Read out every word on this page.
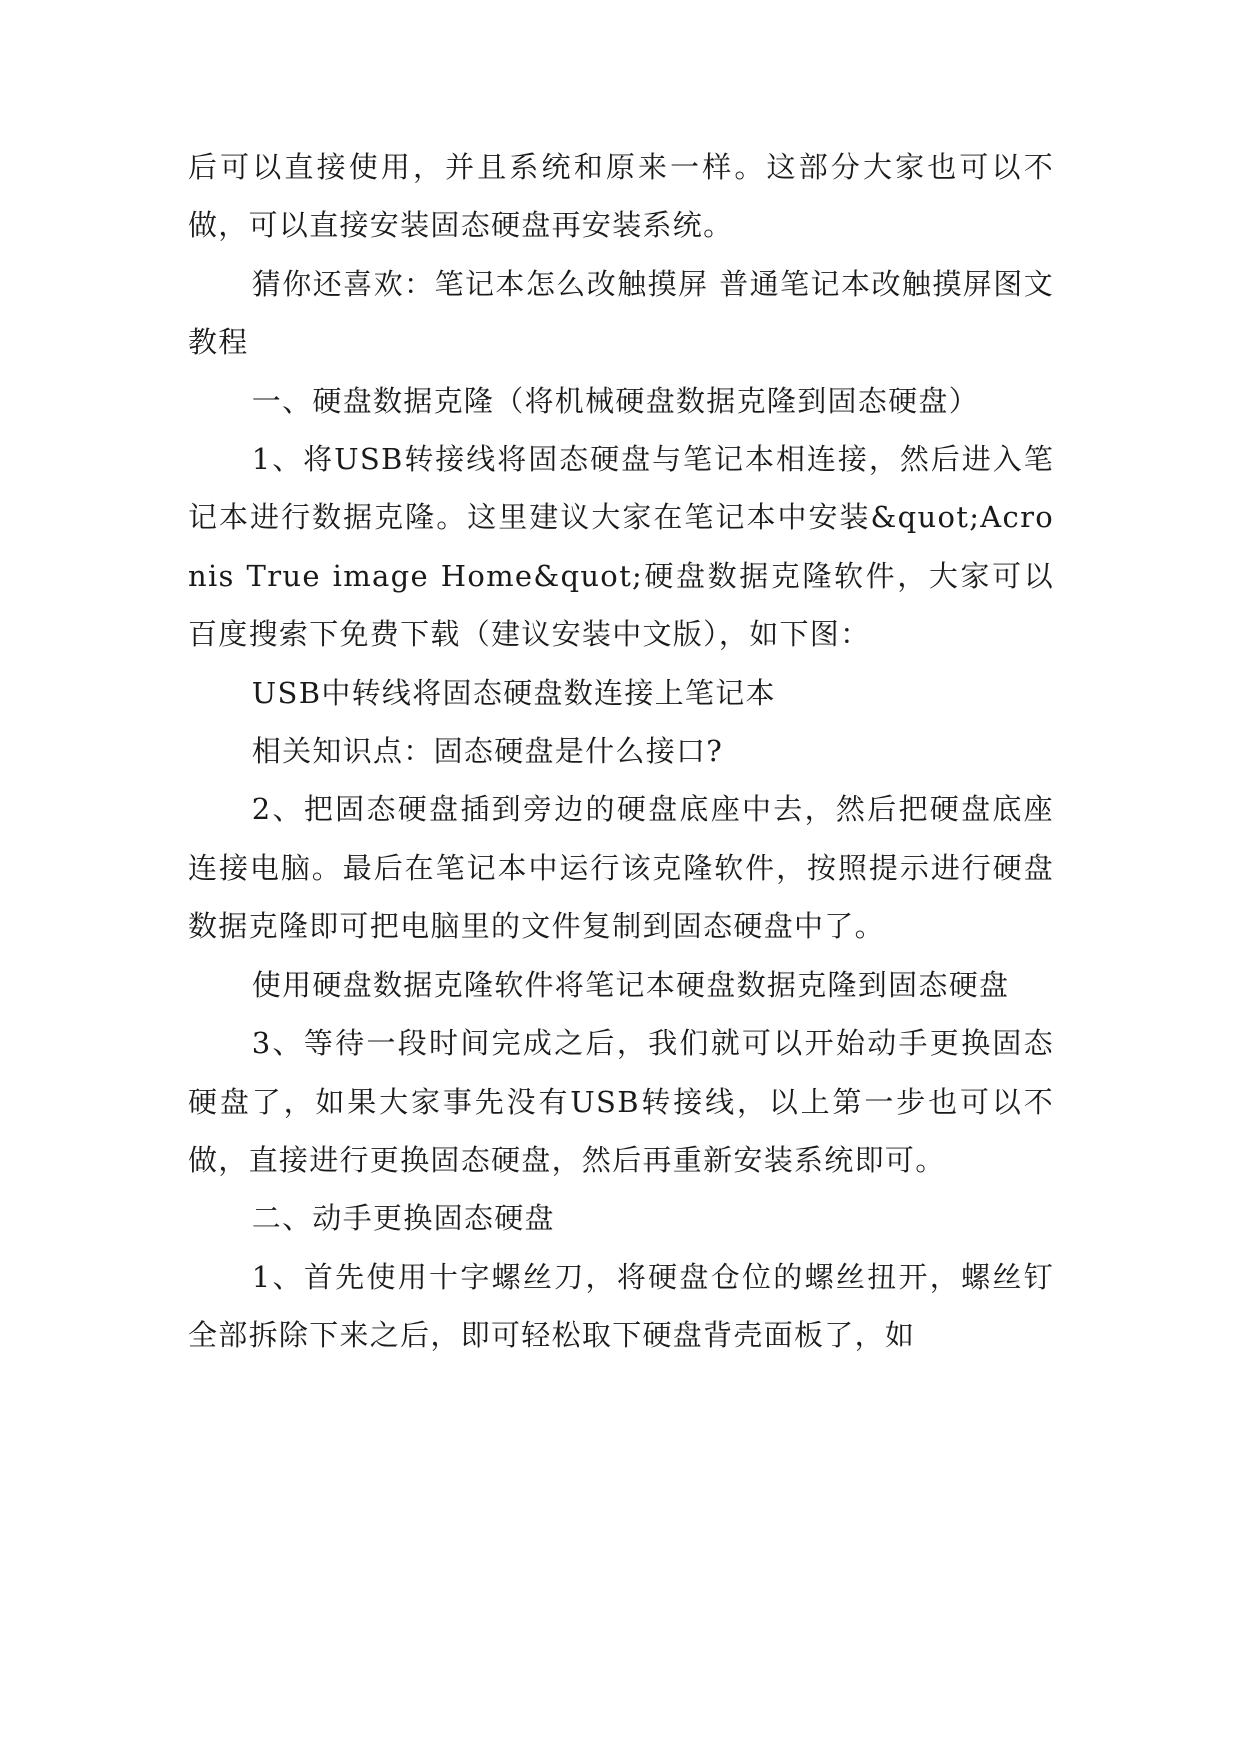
后可以直接使用，并且系统和原来一样。这部分大家也可以不做，可以直接安装固态硬盘再安装系统。

猜你还喜欢：笔记本怎么改触摸屏 普通笔记本改触摸屏图文教程

一、硬盘数据克隆（将机械硬盘数据克隆到固态硬盘）

1、将USB转接线将固态硬盘与笔记本相连接，然后进入笔记本进行数据克隆。这里建议大家在笔记本中安装&quot;Acronis True image Home&quot;硬盘数据克隆软件，大家可以百度搜索下免费下载（建议安装中文版），如下图：

USB中转线将固态硬盘数连接上笔记本

相关知识点：固态硬盘是什么接口?

2、把固态硬盘插到旁边的硬盘底座中去，然后把硬盘底座连接电脑。最后在笔记本中运行该克隆软件，按照提示进行硬盘数据克隆即可把电脑里的文件复制到固态硬盘中了。

使用硬盘数据克隆软件将笔记本硬盘数据克隆到固态硬盘

3、等待一段时间完成之后，我们就可以开始动手更换固态硬盘了，如果大家事先没有USB转接线，以上第一步也可以不做，直接进行更换固态硬盘，然后再重新安装系统即可。

二、动手更换固态硬盘

1、首先使用十字螺丝刀，将硬盘仓位的螺丝扭开，螺丝钉全部拆除下来之后，即可轻松取下硬盘背壳面板了，如
